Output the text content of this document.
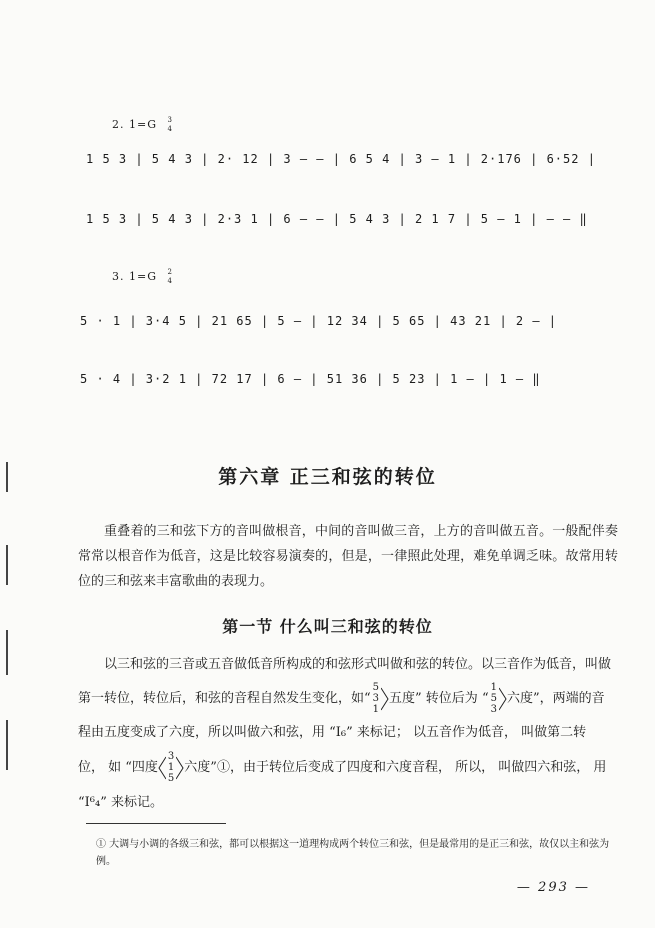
2. 1=G 3
4
1 5 3 | 5 4 3 | 2· 12 | 3 — — | 6 5 4 | 3 — 1 | 2·176 | 6·52 |
1 5 3 | 5 4 3 | 2·3 1 | 6 — — | 5 4 3 | 2 1 7 | 5 — 1 | — — ‖
3. 1=G 2
4
5 · 1 | 3·4 5 | 21 65 | 5 — | 12 34 | 5 65 | 43 21 | 2 — |
5 · 4 | 3·2 1 | 72 17 | 6 — | 51 36 | 5 23 | 1 — | 1 — ‖
第六章 正三和弦的转位

重叠着的三和弦下方的音叫做根音，中间的音叫做三音，上方的音叫做五音。一般配伴奏常常以根音作为低音，这是比较容易演奏的，但是，一律照此处理，难免单调乏味。故常用转位的三和弦来丰富歌曲的表现力。

第一节 什么叫三和弦的转位
以三和弦的三音或五音做低音所构成的和弦形式叫做和弦的转位。以三音作为低音，叫做
第一转位，转位后，和弦的音程自然发生变化，如“5
3
1五度” 转位后为 “1
5
3六度”，两端的音
程由五度变成了六度，所以叫做六和弦，用 “I₆” 来标记； 以五音作为低音， 叫做第二转
位， 如 “四度3
1
5六度”①，由于转位后变成了四度和六度音程， 所以， 叫做四六和弦， 用
“I⁶₄” 来标记。
① 大调与小调的各级三和弦，都可以根据这一道理构成两个转位三和弦，但是最常用的是正三和弦，故仅以主和弦为例。
— 293 —
